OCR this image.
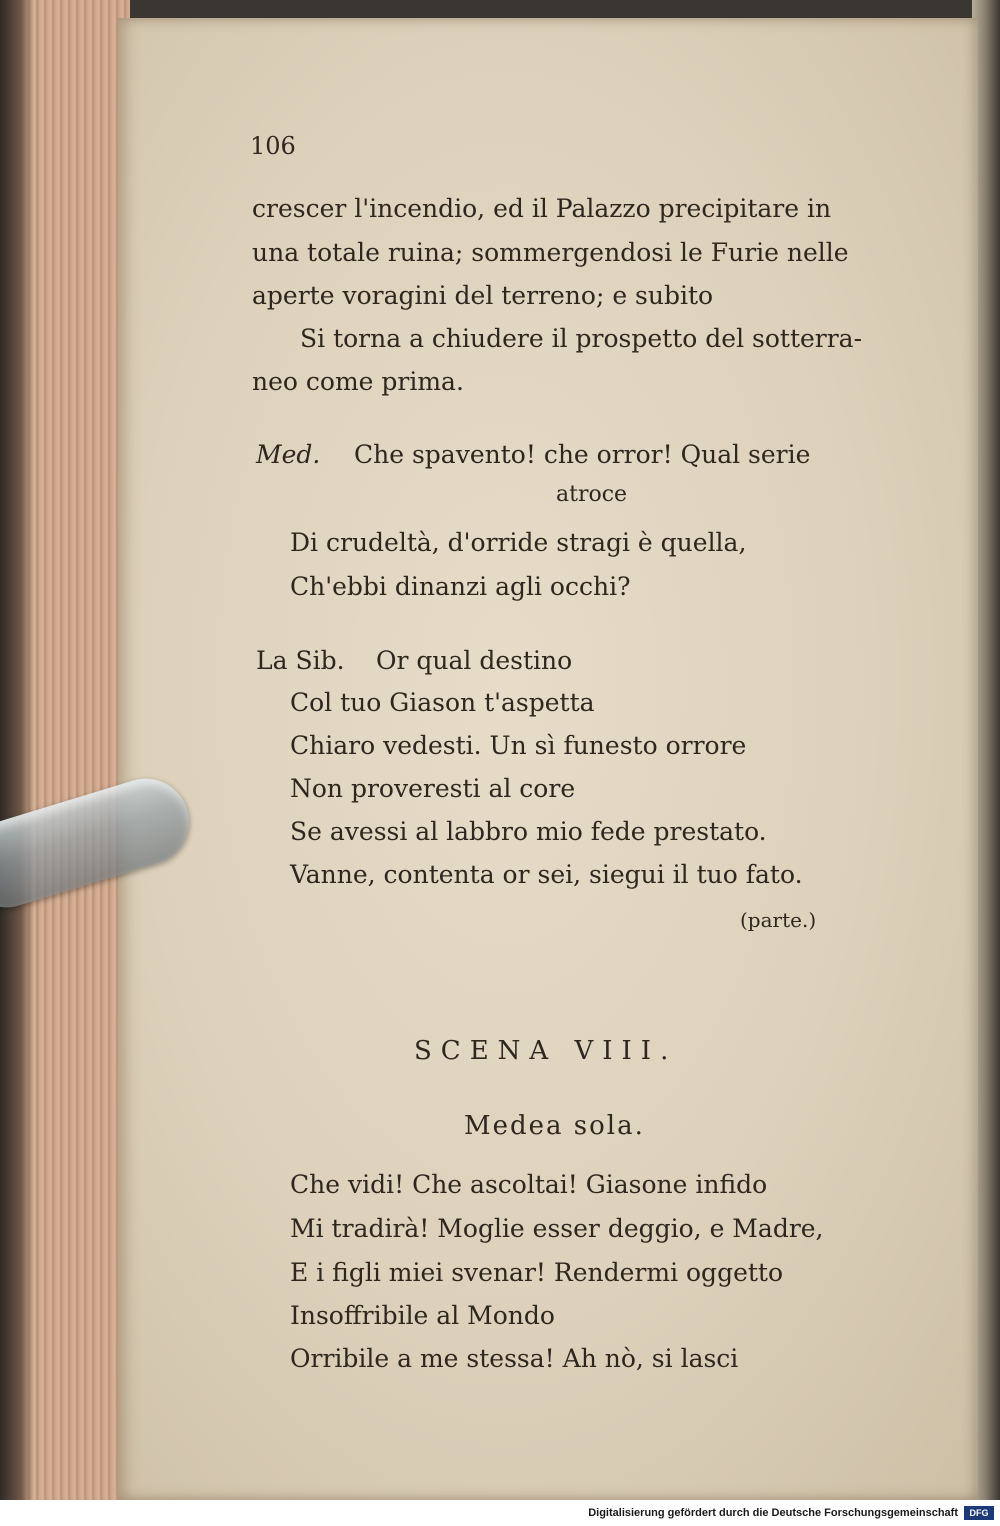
106
crescer l'incendio, ed il Palazzo precipitare in
una totale ruina; sommergendosi le Furie nelle
aperte voragini del terreno; e subito
Si torna a chiudere il prospetto del sotterra-
neo come prima.
Med. Che spavento! che orror! Qual serie
atroce
Di crudeltà, d'orride stragi è quella,
Ch'ebbi dinanzi agli occhi?
La Sib. Or qual destino
Col tuo Giason t'aspetta
Chiaro vedesti. Un sì funesto orrore
Non proveresti al core
Se avessi al labbro mio fede prestato.
Vanne, contenta or sei, siegui il tuo fato.
(parte.)
SCENA VIII.
Medea sola.
Che vidi! Che ascoltai! Giasone infido
Mi tradirà! Moglie esser deggio, e Madre,
E i figli miei svenar! Rendermi oggetto
Insoffribile al Mondo
Orribile a me stessa! Ah nò, si lasci
Digitalisierung gefördert durch die Deutsche Forschungsgemeinschaft	DFG
